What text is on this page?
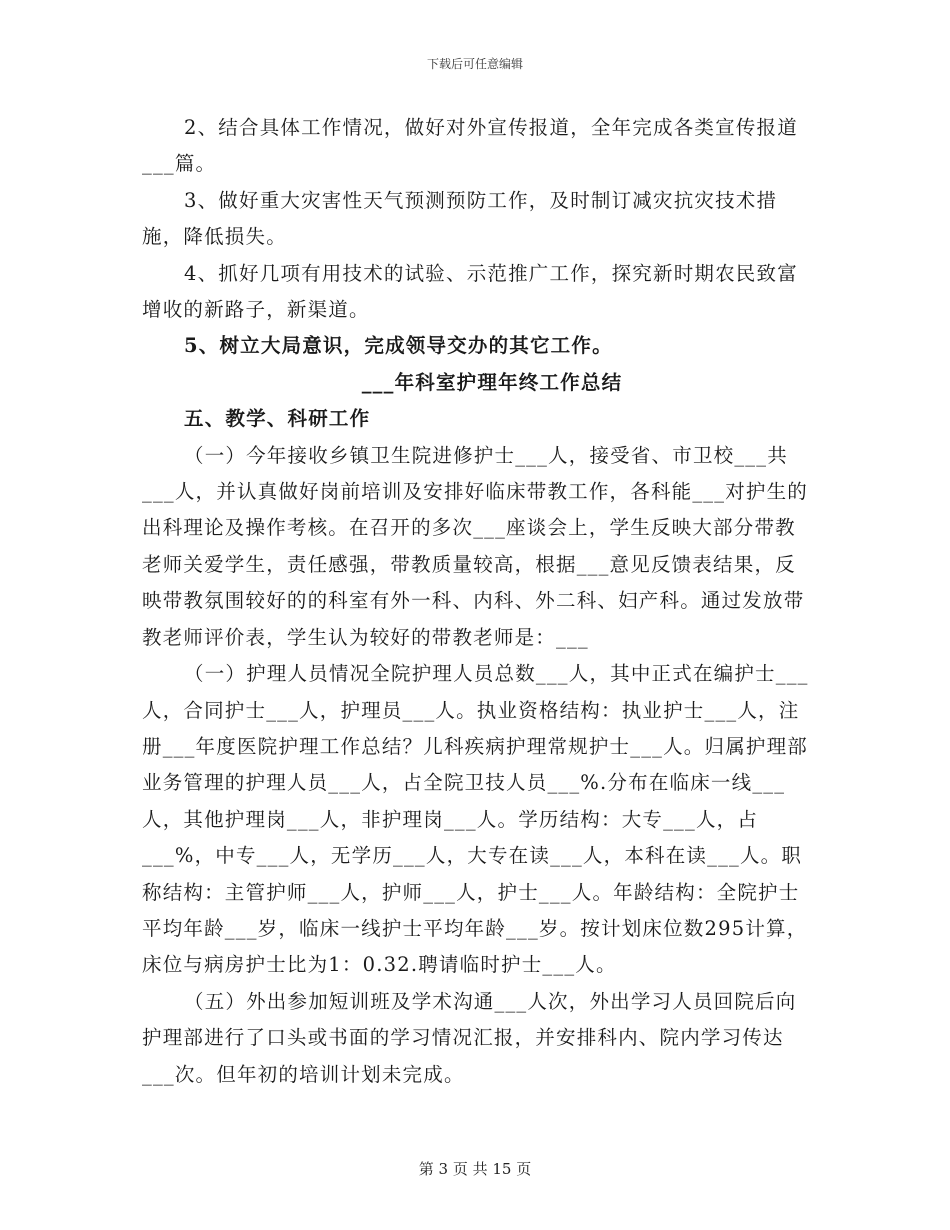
下载后可任意编辑

2、结合具体工作情况，做好对外宣传报道，全年完成各类宣传报道___篇。

3、做好重大灾害性天气预测预防工作，及时制订减灾抗灾技术措施，降低损失。

4、抓好几项有用技术的试验、示范推广工作，探究新时期农民致富增收的新路子，新渠道。

5、树立大局意识，完成领导交办的其它工作。

___年科室护理年终工作总结

五、教学、科研工作

（一）今年接收乡镇卫生院进修护士___人，接受省、市卫校___共___人，并认真做好岗前培训及安排好临床带教工作，各科能___对护生的出科理论及操作考核。在召开的多次___座谈会上，学生反映大部分带教老师关爱学生，责任感强，带教质量较高，根据___意见反馈表结果，反映带教氛围较好的的科室有外一科、内科、外二科、妇产科。通过发放带教老师评价表，学生认为较好的带教老师是：___

（一）护理人员情况全院护理人员总数___人，其中正式在编护士___人，合同护士___人，护理员___人。执业资格结构：执业护士___人，注册___年度医院护理工作总结？儿科疾病护理常规护士___人。归属护理部业务管理的护理人员___人，占全院卫技人员___%.分布在临床一线___人，其他护理岗___人，非护理岗___人。学历结构：大专___人，占___%，中专___人，无学历___人，大专在读___人，本科在读___人。职称结构：主管护师___人，护师___人，护士___人。年龄结构：全院护士平均年龄___岁，临床一线护士平均年龄___岁。按计划床位数295计算，床位与病房护士比为1：0.32.聘请临时护士___人。

（五）外出参加短训班及学术沟通___人次，外出学习人员回院后向护理部进行了口头或书面的学习情况汇报，并安排科内、院内学习传达___次。但年初的培训计划未完成。

第 3 页 共 15 页
